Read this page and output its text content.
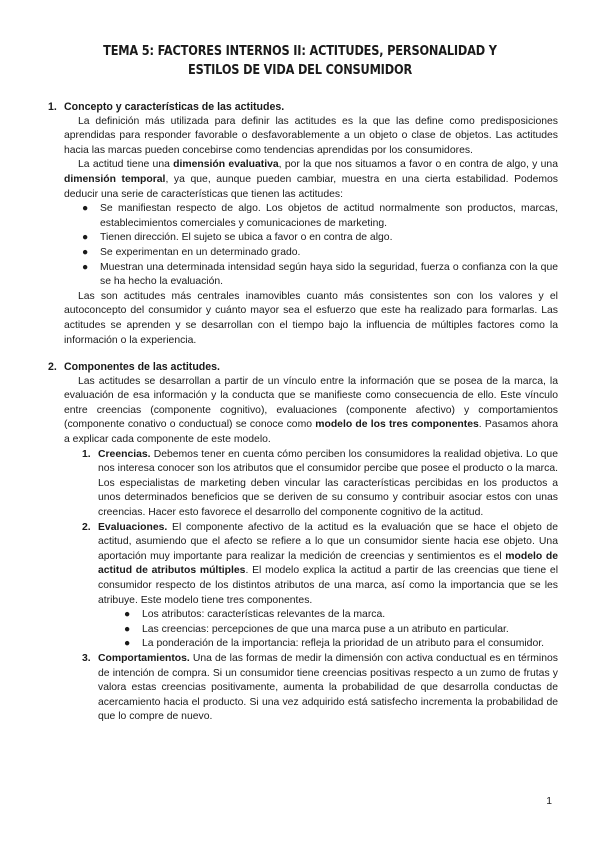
TEMA 5: FACTORES INTERNOS II: ACTITUDES, PERSONALIDAD Y ESTILOS DE VIDA DEL CONSUMIDOR
1. Concepto y características de las actitudes.

La definición más utilizada para definir las actitudes es la que las define como predisposiciones aprendidas para responder favorable o desfavorablemente a un objeto o clase de objetos. Las actitudes hacia las marcas pueden concebirse como tendencias aprendidas por los consumidores.

La actitud tiene una dimensión evaluativa, por la que nos situamos a favor o en contra de algo, y una dimensión temporal, ya que, aunque pueden cambiar, muestra en una cierta estabilidad. Podemos deducir una serie de características que tienen las actitudes:

● Se manifiestan respecto de algo. Los objetos de actitud normalmente son productos, marcas, establecimientos comerciales y comunicaciones de marketing.
● Tienen dirección. El sujeto se ubica a favor o en contra de algo.
● Se experimentan en un determinado grado.
● Muestran una determinada intensidad según haya sido la seguridad, fuerza o confianza con la que se ha hecho la evaluación.

Las son actitudes más centrales inamovibles cuanto más consistentes son con los valores y el autoconcepto del consumidor y cuánto mayor sea el esfuerzo que este ha realizado para formarlas. Las actitudes se aprenden y se desarrollan con el tiempo bajo la influencia de múltiples factores como la información o la experiencia.

2. Componentes de las actitudes.

Las actitudes se desarrollan a partir de un vínculo entre la información que se posea de la marca, la evaluación de esa información y la conducta que se manifieste como consecuencia de ello. Este vínculo entre creencias (componente cognitivo), evaluaciones (componente afectivo) y comportamientos (componente conativo o conductual) se conoce como modelo de los tres componentes. Pasamos ahora a explicar cada componente de este modelo.

1. Creencias. Debemos tener en cuenta cómo perciben los consumidores la realidad objetiva. Lo que nos interesa conocer son los atributos que el consumidor percibe que posee el producto o la marca. Los especialistas de marketing deben vincular las características percibidas en los productos a unos determinados beneficios que se deriven de su consumo y contribuir asociar estos con unas creencias. Hacer esto favorece el desarrollo del componente cognitivo de la actitud.
2. Evaluaciones. El componente afectivo de la actitud es la evaluación que se hace el objeto de actitud, asumiendo que el afecto se refiere a lo que un consumidor siente hacia ese objeto. Una aportación muy importante para realizar la medición de creencias y sentimientos es el modelo de actitud de atributos múltiples. El modelo explica la actitud a partir de las creencias que tiene el consumidor respecto de los distintos atributos de una marca, así como la importancia que se les atribuye. Este modelo tiene tres componentes.
● Los atributos: características relevantes de la marca.
● Las creencias: percepciones de que una marca puse a un atributo en particular.
● La ponderación de la importancia: refleja la prioridad de un atributo para el consumidor.
3. Comportamientos. Una de las formas de medir la dimensión con activa conductual es en términos de intención de compra. Si un consumidor tiene creencias positivas respecto a un zumo de frutas y valora estas creencias positivamente, aumenta la probabilidad de que desarrolla conductas de acercamiento hacia el producto. Si una vez adquirido está satisfecho incrementa la probabilidad de que lo compre de nuevo.
1
